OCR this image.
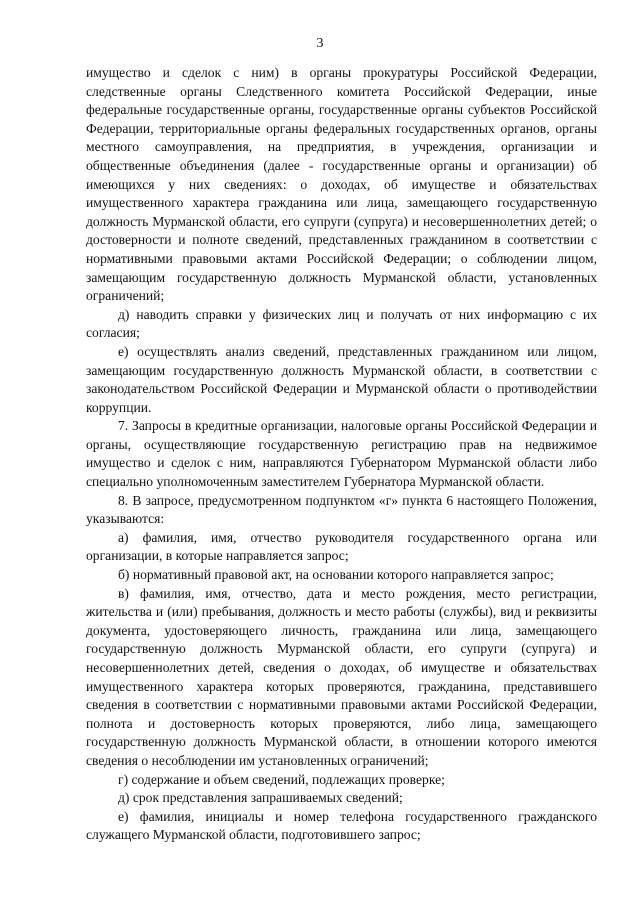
3

имущество и сделок с ним) в органы прокуратуры Российской Федерации, следственные органы Следственного комитета Российской Федерации, иные федеральные государственные органы, государственные органы субъектов Российской Федерации, территориальные органы федеральных государственных органов, органы местного самоуправления, на предприятия, в учреждения, организации и общественные объединения (далее - государственные органы и организации) об имеющихся у них сведениях: о доходах, об имуществе и обязательствах имущественного характера гражданина или лица, замещающего государственную должность Мурманской области, его супруги (супруга) и несовершеннолетних детей; о достоверности и полноте сведений, представленных гражданином в соответствии с нормативными правовыми актами Российской Федерации; о соблюдении лицом, замещающим государственную должность Мурманской области, установленных ограничений;

д) наводить справки у физических лиц и получать от них информацию с их согласия;

е) осуществлять анализ сведений, представленных гражданином или лицом, замещающим государственную должность Мурманской области, в соответствии с законодательством Российской Федерации и Мурманской области о противодействии коррупции.

7. Запросы в кредитные организации, налоговые органы Российской Федерации и органы, осуществляющие государственную регистрацию прав на недвижимое имущество и сделок с ним, направляются Губернатором Мурманской области либо специально уполномоченным заместителем Губернатора Мурманской области.

8. В запросе, предусмотренном подпунктом «г» пункта 6 настоящего Положения, указываются:

а) фамилия, имя, отчество руководителя государственного органа или организации, в которые направляется запрос;

б) нормативный правовой акт, на основании которого направляется запрос;

в) фамилия, имя, отчество, дата и место рождения, место регистрации, жительства и (или) пребывания, должность и место работы (службы), вид и реквизиты документа, удостоверяющего личность, гражданина или лица, замещающего государственную должность Мурманской области, его супруги (супруга) и несовершеннолетних детей, сведения о доходах, об имуществе и обязательствах имущественного характера которых проверяются, гражданина, представившего сведения в соответствии с нормативными правовыми актами Российской Федерации, полнота и достоверность которых проверяются, либо лица, замещающего государственную должность Мурманской области, в отношении которого имеются сведения о несоблюдении им установленных ограничений;

г) содержание и объем сведений, подлежащих проверке;

д) срок представления запрашиваемых сведений;

е) фамилия, инициалы и номер телефона государственного гражданского служащего Мурманской области, подготовившего запрос;
